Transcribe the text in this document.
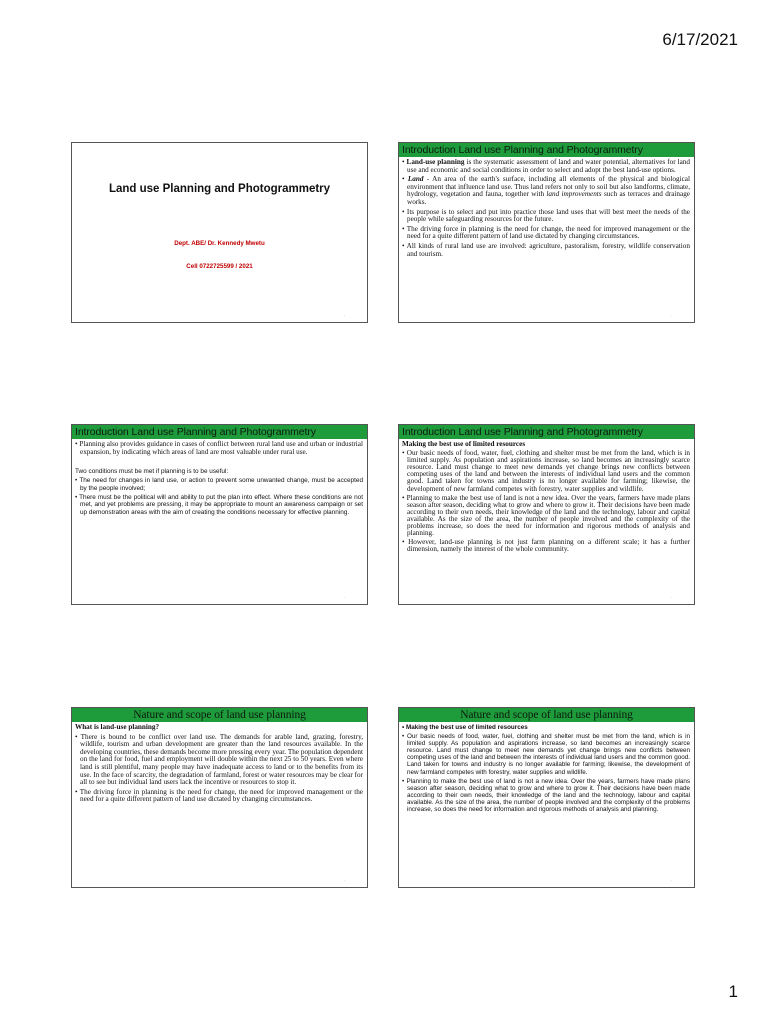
6/17/2021
Land use Planning and Photogrammetry
Dept. ABE/ Dr. Kennedy Mwetu
Cell 0722725599 / 2021
·
Introduction Land use Planning and Photogrammetry

• Land-use planning is the systematic assessment of land and water potential, alternatives for land use and economic and social conditions in order to select and adopt the best land-use options.

• Land - An area of the earth's surface, including all elements of the physical and biological environment that influence land use. Thus land refers not only to soil but also landforms, climate, hydrology, vegetation and fauna, together with land improvements such as terraces and drainage works.

• Its purpose is to select and put into practice those land uses that will best meet the needs of the people while safeguarding resources for the future.

• The driving force in planning is the need for change, the need for improved management or the need for a quite different pattern of land use dictated by changing circumstances.

• All kinds of rural land use are involved: agriculture, pastoralism, forestry, wildlife conservation and tourism.

·
Introduction Land use Planning and Photogrammetry

• Planning also provides guidance in cases of conflict between rural land use and urban or industrial expansion, by indicating which areas of land are most valuable under rural use.

Two conditions must be met if planning is to be useful:

• The need for changes in land use, or action to prevent some unwanted change, must be accepted by the people involved;

• There must be the political will and ability to put the plan into effect. Where these conditions are not met, and yet problems are pressing, it may be appropriate to mount an awareness campaign or set up demonstration areas with the aim of creating the conditions necessary for effective planning.

·
Introduction Land use Planning and Photogrammetry

Making the best use of limited resources

• Our basic needs of food, water, fuel, clothing and shelter must be met from the land, which is in limited supply. As population and aspirations increase, so land becomes an increasingly scarce resource. Land must change to meet new demands yet change brings new conflicts between competing uses of the land and between the interests of individual land users and the common good. Land taken for towns and industry is no longer available for farming; likewise, the development of new farmland competes with forestry, water supplies and wildlife.

• Planning to make the best use of land is not a new idea. Over the years, farmers have made plans season after season, deciding what to grow and where to grow it. Their decisions have been made according to their own needs, their knowledge of the land and the technology, labour and capital available. As the size of the area, the number of people involved and the complexity of the problems increase, so does the need for information and rigorous methods of analysis and planning.

• However, land-use planning is not just farm planning on a different scale; it has a further dimension, namely the interest of the whole community.

·
Nature and scope of land use planning

What is land-use planning?

• There is bound to be conflict over land use. The demands for arable land, grazing, forestry, wildlife, tourism and urban development are greater than the land resources available. In the developing countries, these demands become more pressing every year. The population dependent on the land for food, fuel and employment will double within the next 25 to 50 years. Even where land is still plentiful, many people may have inadequate access to land or to the benefits from its use. In the face of scarcity, the degradation of farmland, forest or water resources may be clear for all to see but individual land users lack the incentive or resources to stop it.

• The driving force in planning is the need for change, the need for improved management or the need for a quite different pattern of land use dictated by changing circumstances.

·
Nature and scope of land use planning

• Making the best use of limited resources

• Our basic needs of food, water, fuel, clothing and shelter must be met from the land, which is in limited supply. As population and aspirations increase, so land becomes an increasingly scarce resource. Land must change to meet new demands yet change brings new conflicts between competing uses of the land and between the interests of individual land users and the common good. Land taken for towns and industry is no longer available for farming; likewise, the development of new farmland competes with forestry, water supplies and wildlife.

• Planning to make the best use of land is not a new idea. Over the years, farmers have made plans season after season, deciding what to grow and where to grow it. Their decisions have been made according to their own needs, their knowledge of the land and the technology, labour and capital available. As the size of the area, the number of people involved and the complexity of the problems increase, so does the need for information and rigorous methods of analysis and planning.

·
1
